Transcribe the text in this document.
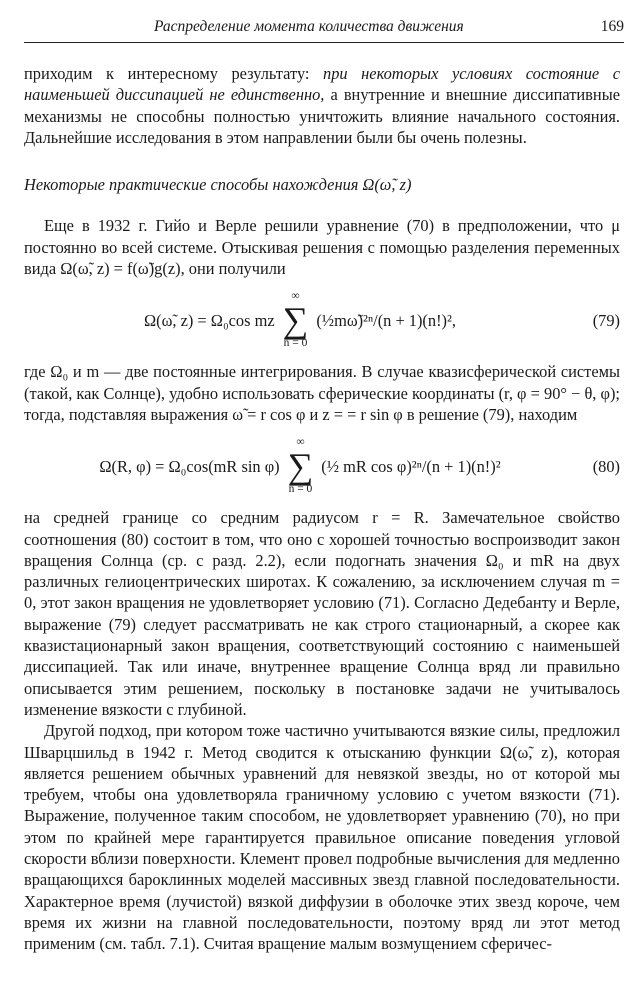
Распределение момента количества движения	169

приходим к интересному результату: при некоторых условиях состояние с наименьшей диссипацией не единственно, а внутренние и внешние диссипативные механизмы не способны полностью уничтожить влияние начального состояния. Дальнейшие исследования в этом направлении были бы очень полезны.

Некоторые практические способы нахождения Ω(ω̃, z)

Еще в 1932 г. Гийо и Верле решили уравнение (70) в предположении, что μ постоянно во всей системе. Отыскивая решения с помощью разделения переменных вида Ω(ω̃, z) = f(ω̃)g(z), они получили

Ω(ω̃, z) = Ω₀cos mz
∞
∑
n = 0
(½mω̃)²ⁿ/(n + 1)(n!)²,	(79)

где Ω₀ и m — две постоянные интегрирования. В случае квазисферической системы (такой, как Солнце), удобно использовать сферические координаты (r, φ = 90° − θ, φ); тогда, подставляя выражения ω̃ = r cos φ и z = = r sin φ в решение (79), находим

Ω(R, φ) = Ω₀cos(mR sin φ)
∞
∑
n = 0
(½ mR cos φ)²ⁿ/(n + 1)(n!)²	(80)

на средней границе со средним радиусом r = R. Замечательное свойство соотношения (80) состоит в том, что оно с хорошей точностью воспроизводит закон вращения Солнца (ср. с разд. 2.2), если подогнать значения Ω₀ и mR на двух различных гелиоцентрических широтах. К сожалению, за исключением случая m = 0, этот закон вращения не удовлетворяет условию (71). Согласно Дедебанту и Верле, выражение (79) следует рассматривать не как строго стационарный, а скорее как квазистационарный закон вращения, соответствующий состоянию с наименьшей диссипацией. Так или иначе, внутреннее вращение Солнца вряд ли правильно описывается этим решением, поскольку в постановке задачи не учитывалось изменение вязкости с глубиной.

Другой подход, при котором тоже частично учитываются вязкие силы, предложил Шварцшильд в 1942 г. Метод сводится к отысканию функции Ω(ω̃, z), которая является решением обычных уравнений для невязкой звезды, но от которой мы требуем, чтобы она удовлетворяла граничному условию с учетом вязкости (71). Выражение, полученное таким способом, не удовлетворяет уравнению (70), но при этом по крайней мере гарантируется правильное описание поведения угловой скорости вблизи поверхности. Клемент провел подробные вычисления для медленно вращающихся бароклинных моделей массивных звезд главной последовательности. Характерное время (лучистой) вязкой диффузии в оболочке этих звезд короче, чем время их жизни на главной последовательности, поэтому вряд ли этот метод применим (см. табл. 7.1). Считая вращение малым возмущением сферичес-
